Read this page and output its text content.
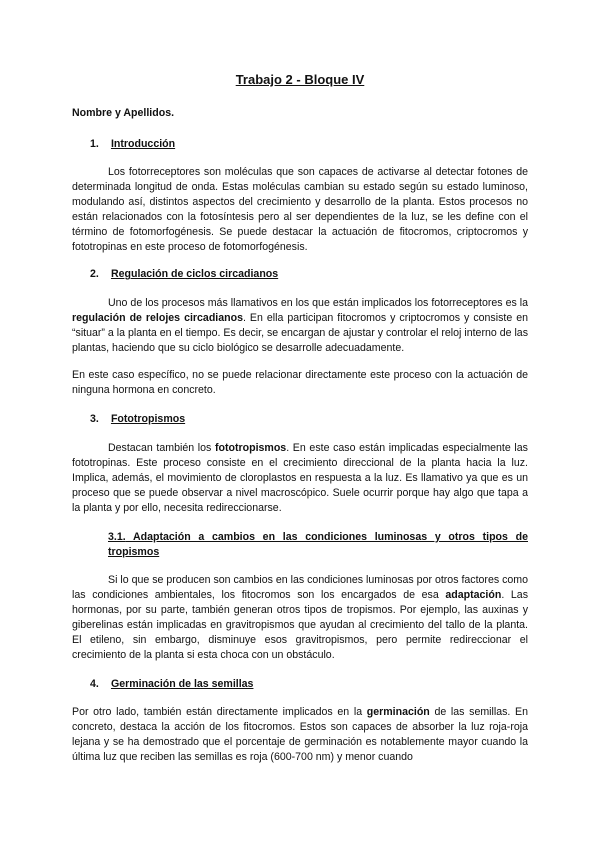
Trabajo 2 - Bloque IV
Nombre y Apellidos.
1. Introducción
Los fotorreceptores son moléculas que son capaces de activarse al detectar fotones de determinada longitud de onda. Estas moléculas cambian su estado según su estado luminoso, modulando así, distintos aspectos del crecimiento y desarrollo de la planta. Estos procesos no están relacionados con la fotosíntesis pero al ser dependientes de la luz, se les define con el término de fotomorfogénesis. Se puede destacar la actuación de fitocromos, criptocromos y fototropinas en este proceso de fotomorfogénesis.
2. Regulación de ciclos circadianos
Uno de los procesos más llamativos en los que están implicados los fotorreceptores es la regulación de relojes circadianos. En ella participan fitocromos y criptocromos y consiste en “situar” a la planta en el tiempo. Es decir, se encargan de ajustar y controlar el reloj interno de las plantas, haciendo que su ciclo biológico se desarrolle adecuadamente.
En este caso específico, no se puede relacionar directamente este proceso con la actuación de ninguna hormona en concreto.
3. Fototropismos
Destacan también los fototropismos. En este caso están implicadas especialmente las fototropinas. Este proceso consiste en el crecimiento direccional de la planta hacia la luz. Implica, además, el movimiento de cloroplastos en respuesta a la luz. Es llamativo ya que es un proceso que se puede observar a nivel macroscópico. Suele ocurrir porque hay algo que tapa a la planta y por ello, necesita redireccionarse.
3.1. Adaptación a cambios en las condiciones luminosas y otros tipos de tropismos
Si lo que se producen son cambios en las condiciones luminosas por otros factores como las condiciones ambientales, los fitocromos son los encargados de esa adaptación. Las hormonas, por su parte, también generan otros tipos de tropismos. Por ejemplo, las auxinas y giberelinas están implicadas en gravitropismos que ayudan al crecimiento del tallo de la planta. El etileno, sin embargo, disminuye esos gravitropismos, pero permite redireccionar el crecimiento de la planta si esta choca con un obstáculo.
4. Germinación de las semillas
Por otro lado, también están directamente implicados en la germinación de las semillas. En concreto, destaca la acción de los fitocromos. Estos son capaces de absorber la luz roja-roja lejana y se ha demostrado que el porcentaje de germinación es notablemente mayor cuando la última luz que reciben las semillas es roja (600-700 nm) y menor cuando
